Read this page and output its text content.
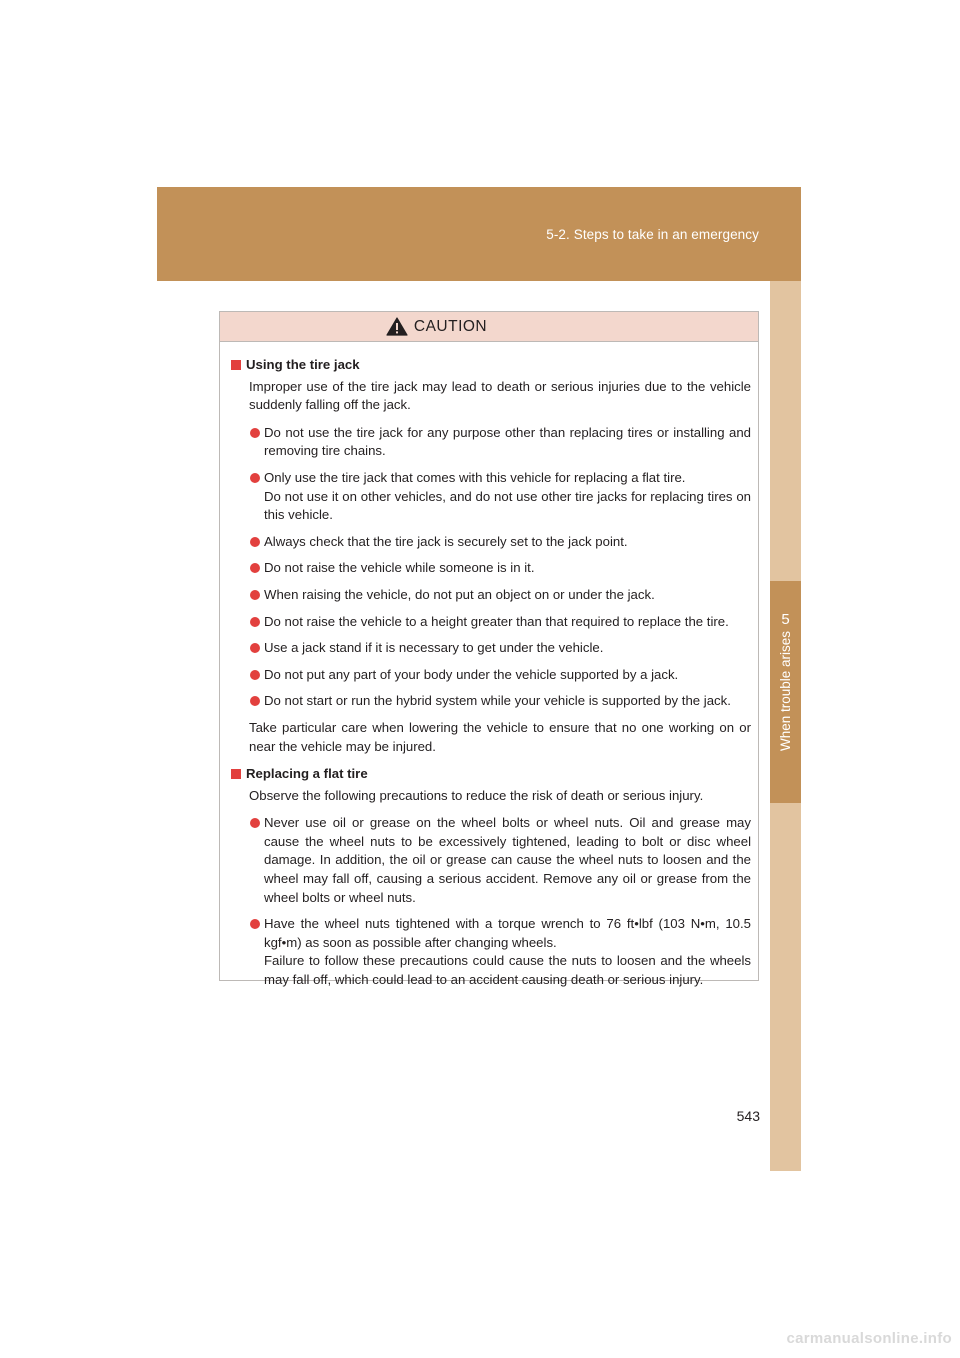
5-2. Steps to take in an emergency
5
When trouble arises
CAUTION
Using the tire jack
Improper use of the tire jack may lead to death or serious injuries due to the vehicle suddenly falling off the jack.

Do not use the tire jack for any purpose other than replacing tires or installing and removing tire chains.

Only use the tire jack that comes with this vehicle for replacing a flat tire.

Do not use it on other vehicles, and do not use other tire jacks for replacing tires on this vehicle.

Always check that the tire jack is securely set to the jack point.

Do not raise the vehicle while someone is in it.

When raising the vehicle, do not put an object on or under the jack.

Do not raise the vehicle to a height greater than that required to replace the tire.

Use a jack stand if it is necessary to get under the vehicle.

Do not put any part of your body under the vehicle supported by a jack.

Do not start or run the hybrid system while your vehicle is supported by the jack.

Take particular care when lowering the vehicle to ensure that no one working on or near the vehicle may be injured.
Replacing a flat tire
Observe the following precautions to reduce the risk of death or serious injury.

Never use oil or grease on the wheel bolts or wheel nuts. Oil and grease may cause the wheel nuts to be excessively tightened, leading to bolt or disc wheel damage. In addition, the oil or grease can cause the wheel nuts to loosen and the wheel may fall off, causing a serious accident. Remove any oil or grease from the wheel bolts or wheel nuts.

Have the wheel nuts tightened with a torque wrench to 76 ft•lbf (103 N•m, 10.5 kgf•m) as soon as possible after changing wheels.

Failure to follow these precautions could cause the nuts to loosen and the wheels may fall off, which could lead to an accident causing death or serious injury.

543
carmanualsonline.info
